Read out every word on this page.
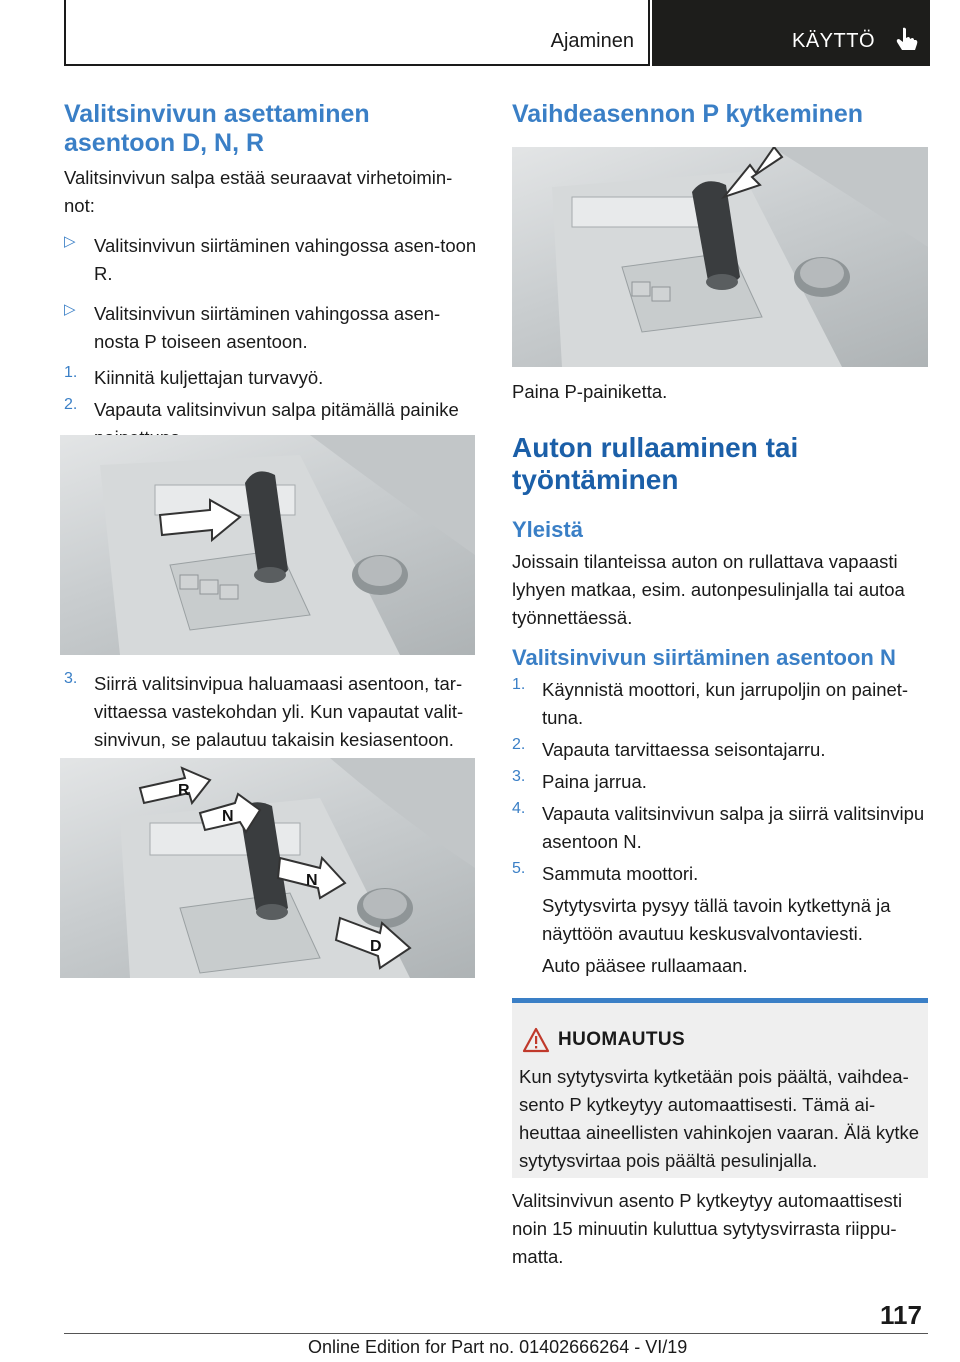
Ajaminen	KÄYTTÖ
Valitsinvivun asettaminen asentoon D, N, R

Valitsinvivun salpa estää seuraavat virhetoimin-not:

▷ Valitsinvivun siirtäminen vahingossa asen-toon R.

▷ Valitsinvivun siirtäminen vahingossa asen-nosta P toiseen asentoon.

1. Kiinnitä kuljettajan turvavyö.

2. Vapauta valitsinvivun salpa pitämällä painike

3. Siirrä valitsinvipua haluamaasi asentoon, tar-vittaessa vastekohdan yli. Kun vapautat valit-sinvivun, se palautuu takaisin kesiasentoon.

R
N
N
D
Vaihdeasennon P kytkeminen

Paina P-painiketta.

Auton rullaaminen tai työntäminen
Yleistä

Joissain tilanteissa auton on rullattava vapaasti lyhyen matkaa, esim. autonpesulinjalla tai autoa työnnettäessä.

Valitsinvivun siirtäminen asentoon N
1. Käynnistä moottori, kun jarrupoljin on painet-tuna.

2. Vapauta tarvittaessa seisontajarru.

3. Paina jarrua.

4. Vapauta valitsinvivun salpa ja siirrä valitsinvipu asentoon N.

5. Sammuta moottori.

Sytytysvirta pysyy tällä tavoin kytkettynä ja näyttöön avautuu keskusvalvontaviesti.

Auto pääsee rullaamaan.

HUOMAUTUS
Kun sytytysvirta kytketään pois päältä, vaihdea-sento P kytkeytyy automaattisesti. Tämä ai-heuttaa aineellisten vahinkojen vaaran. Älä kytke sytytysvirtaa pois päältä pesulinjalla.

Valitsinvivun asento P kytkeytyy automaattisesti noin 15 minuutin kuluttua sytytysvirrasta riippu-matta.

117
Online Edition for Part no. 01402666264 - VI/19
